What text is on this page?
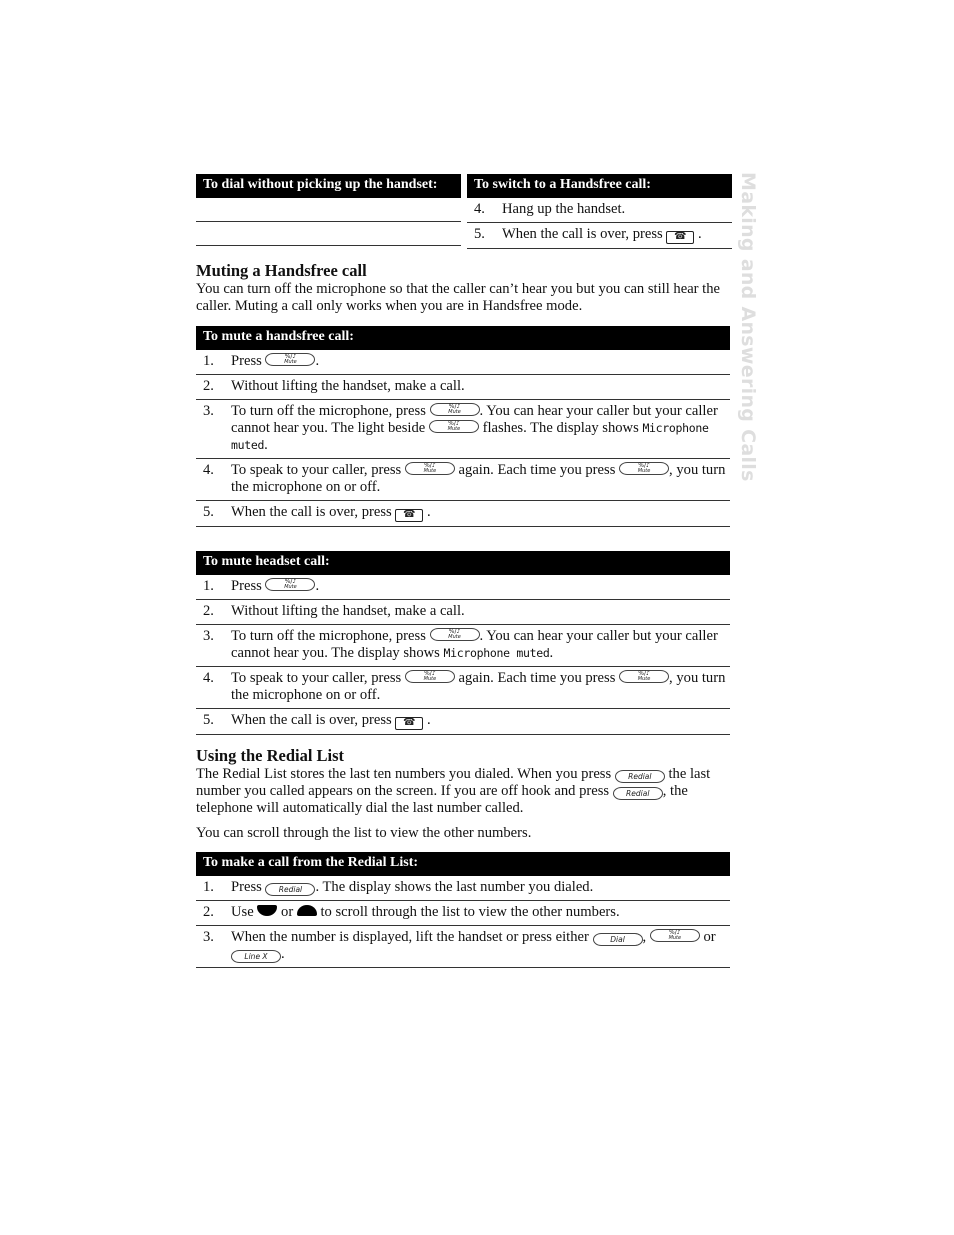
Making and Answering Calls
To dial without picking up the handset:	To switch to a Handsfree call:
4.	Hang up the handset.
5.	When the call is over, press ☎ .
Muting a Handsfree call

You can turn off the microphone so that the caller can’t hear you but you can still hear the caller. Muting a call only works when you are in Handsfree mode.

To mute a handsfree call:
1.	Press %/♪ Mute	.
2.	Without lifting the handset, make a call.
3.	To turn off the microphone, press %/♪ Mute	. You can hear your caller but your caller cannot hear you. The light beside %/♪ Mute	flashes. The display shows Microphone muted.
4.	To speak to your caller, press %/♪ Mute	again. Each time you press %/♪ Mute	, you turn the microphone on or off.
5.	When the call is over, press ☎ .
To mute headset call:
1.	Press %/♪ Mute	.
2.	Without lifting the handset, make a call.
3.	To turn off the microphone, press %/♪ Mute	. You can hear your caller but your caller cannot hear you. The display shows Microphone muted.
4.	To speak to your caller, press %/♪ Mute	again. Each time you press %/♪ Mute	, you turn the microphone on or off.
5.	When the call is over, press ☎ .
Using the Redial List

The Redial List stores the last ten numbers you dialed. When you press Redial the last number you called appears on the screen. If you are off hook and press Redial , the telephone will automatically dial the last number called.

You can scroll through the list to view the other numbers.

To make a call from the Redial List:
1.	Press Redial . The display shows the last number you dialed.
2.	Use or to scroll through the list to view the other numbers.
3.	When the number is displayed, lift the handset or press either	Dial , %/♪ Mute	or Line X .
